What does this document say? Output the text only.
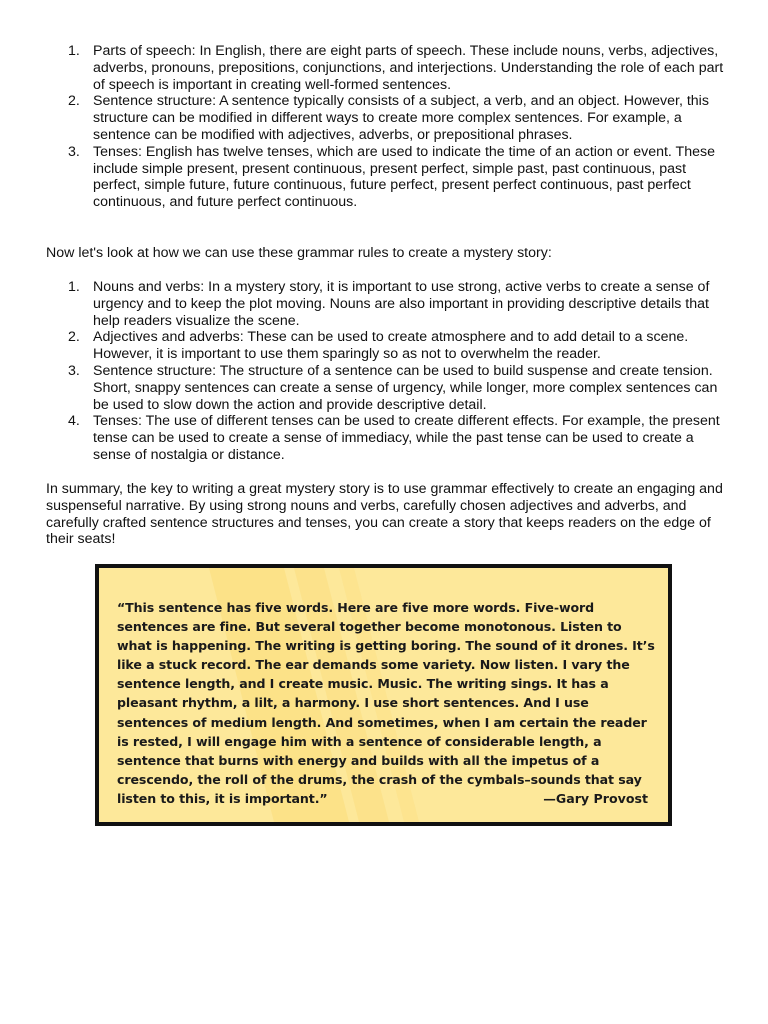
1. Parts of speech: In English, there are eight parts of speech. These include nouns, verbs, adjectives, adverbs, pronouns, prepositions, conjunctions, and interjections. Understanding the role of each part of speech is important in creating well-formed sentences.
2. Sentence structure: A sentence typically consists of a subject, a verb, and an object. However, this structure can be modified in different ways to create more complex sentences. For example, a sentence can be modified with adjectives, adverbs, or prepositional phrases.
3. Tenses: English has twelve tenses, which are used to indicate the time of an action or event. These include simple present, present continuous, present perfect, simple past, past continuous, past perfect, simple future, future continuous, future perfect, present perfect continuous, past perfect continuous, and future perfect continuous.

Now let's look at how we can use these grammar rules to create a mystery story:

1. Nouns and verbs: In a mystery story, it is important to use strong, active verbs to create a sense of urgency and to keep the plot moving. Nouns are also important in providing descriptive details that help readers visualize the scene.
2. Adjectives and adverbs: These can be used to create atmosphere and to add detail to a scene. However, it is important to use them sparingly so as not to overwhelm the reader.
3. Sentence structure: The structure of a sentence can be used to build suspense and create tension. Short, snappy sentences can create a sense of urgency, while longer, more complex sentences can be used to slow down the action and provide descriptive detail.
4. Tenses: The use of different tenses can be used to create different effects. For example, the present tense can be used to create a sense of immediacy, while the past tense can be used to create a sense of nostalgia or distance.

In summary, the key to writing a great mystery story is to use grammar effectively to create an engaging and suspenseful narrative. By using strong nouns and verbs, carefully chosen adjectives and adverbs, and carefully crafted sentence structures and tenses, you can create a story that keeps readers on the edge of their seats!

“This sentence has five words. Here are five more words. Five-word sentences are fine. But several together become monotonous. Listen to what is happening. The writing is getting boring. The sound of it drones. It’s like a stuck record. The ear demands some variety. Now listen. I vary the sentence length, and I create music. Music. The writing sings. It has a pleasant rhythm, a lilt, a harmony. I use short sentences. And I use sentences of medium length. And sometimes, when I am certain the reader is rested, I will engage him with a sentence of considerable length, a sentence that burns with energy and builds with all the impetus of a crescendo, the roll of the drums, the crash of the cymbals–sounds that say listen to this, it is important.”	—Gary Provost
